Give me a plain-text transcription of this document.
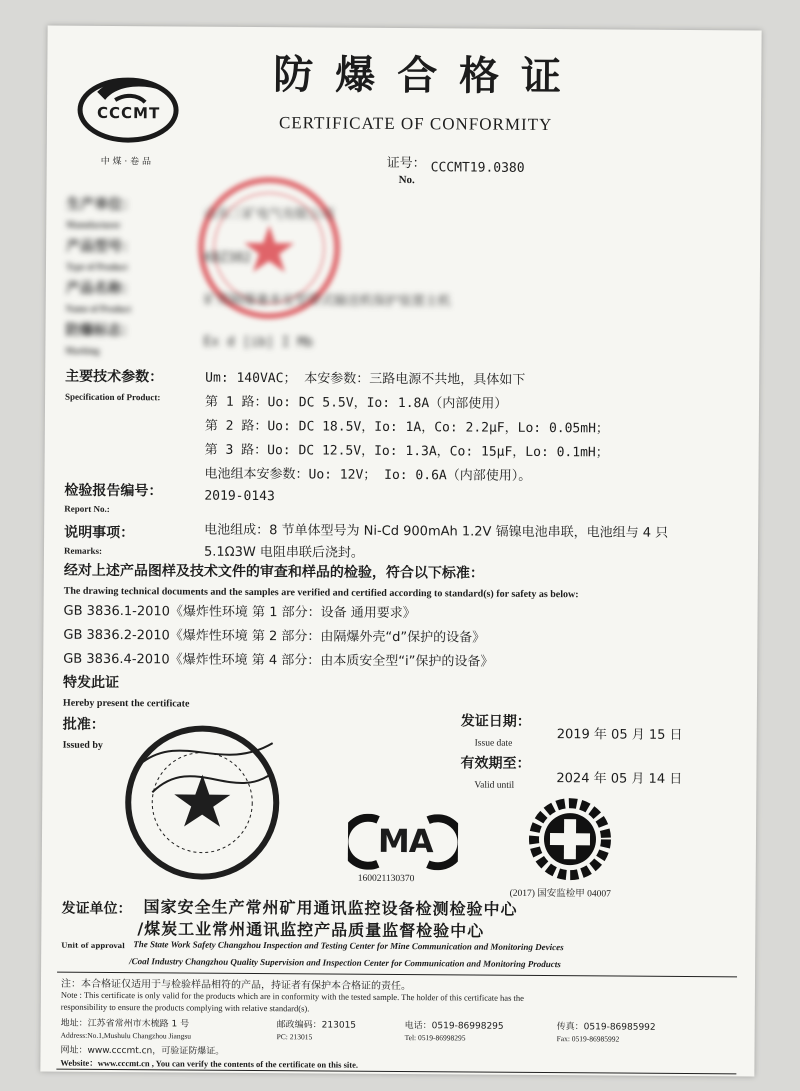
CCCMT
中 煤 · 卷 品
防 爆 合 格 证
CERTIFICATE OF CONFORMITY
证号：
No.
CCCMT19.0380
生产单位：
Manufacturer
山东三矿电气有限公司
产品型号：
Type of Product
KBZ382
产品名称：
Name of Product	矿用隔爆兼本安型带式输送机保护装置主机
防爆标志：
Marking
Ex d [ib] I Mb
主要技术参数：
Specification of Product:
Um: 140VAC； 本安参数：三路电源不共地，具体如下
第 1 路：Uo: DC 5.5V，Io: 1.8A（内部使用）
第 2 路：Uo: DC 18.5V，Io: 1A，Co: 2.2μF，Lo: 0.05mH；
第 3 路：Uo: DC 12.5V，Io: 1.3A，Co: 15μF，Lo: 0.1mH；
电池组本安参数：Uo: 12V； Io: 0.6A（内部使用）。
检验报告编号：
Report No.:
2019-0143
说明事项：
Remarks:
电池组成：8 节单体型号为 Ni-Cd 900mAh 1.2V 镉镍电池串联，电池组与 4 只
5.1Ω3W 电阻串联后浇封。
经对上述产品图样及技术文件的审查和样品的检验，符合以下标准：
The drawing technical documents and the samples are verified and certified according to standard(s) for safety as below:
GB 3836.1-2010《爆炸性环境 第 1 部分：设备 通用要求》
GB 3836.2-2010《爆炸性环境 第 2 部分：由隔爆外壳“d”保护的设备》
GB 3836.4-2010《爆炸性环境 第 4 部分：由本质安全型“i”保护的设备》
特发此证
Hereby present the certificate
批准：
Issued by
发证日期：
Issue date
2019 年 05 月 15 日
有效期至：
Valid until	2024 年 05 月 14 日
MA
160021130370
(2017) 国安监检甲 04007
发证单位： 国家安全生产常州矿用通讯监控设备检测检验中心
/煤炭工业常州通讯监控产品质量监督检验中心
Unit of approval The State Work Safety Changzhou Inspection and Testing Center for Mine Communication and Monitoring Devices
/Coal Industry Changzhou Quality Supervision and Inspection Center for Communication and Monitoring Products
注：本合格证仅适用于与检验样品相符的产品，持证者有保护本合格证的责任。
Note : This certificate is only valid for the products which are in conformity with the tested sample. The holder of this certificate has the
responsibility to ensure the products complying with relative standard(s).
地址：江苏省常州市木梳路 1 号	邮政编码：213015	电话：0519-86998295	传真：0519-86985992
Address:No.1,Mushulu Changzhou Jiangsu	PC: 213015	Tel: 0519-86998295	Fax: 0519-86985992
网址：www.cccmt.cn，可验证防爆证。
Website：www.cccmt.cn , You can verify the contents of the certificate on this site.
